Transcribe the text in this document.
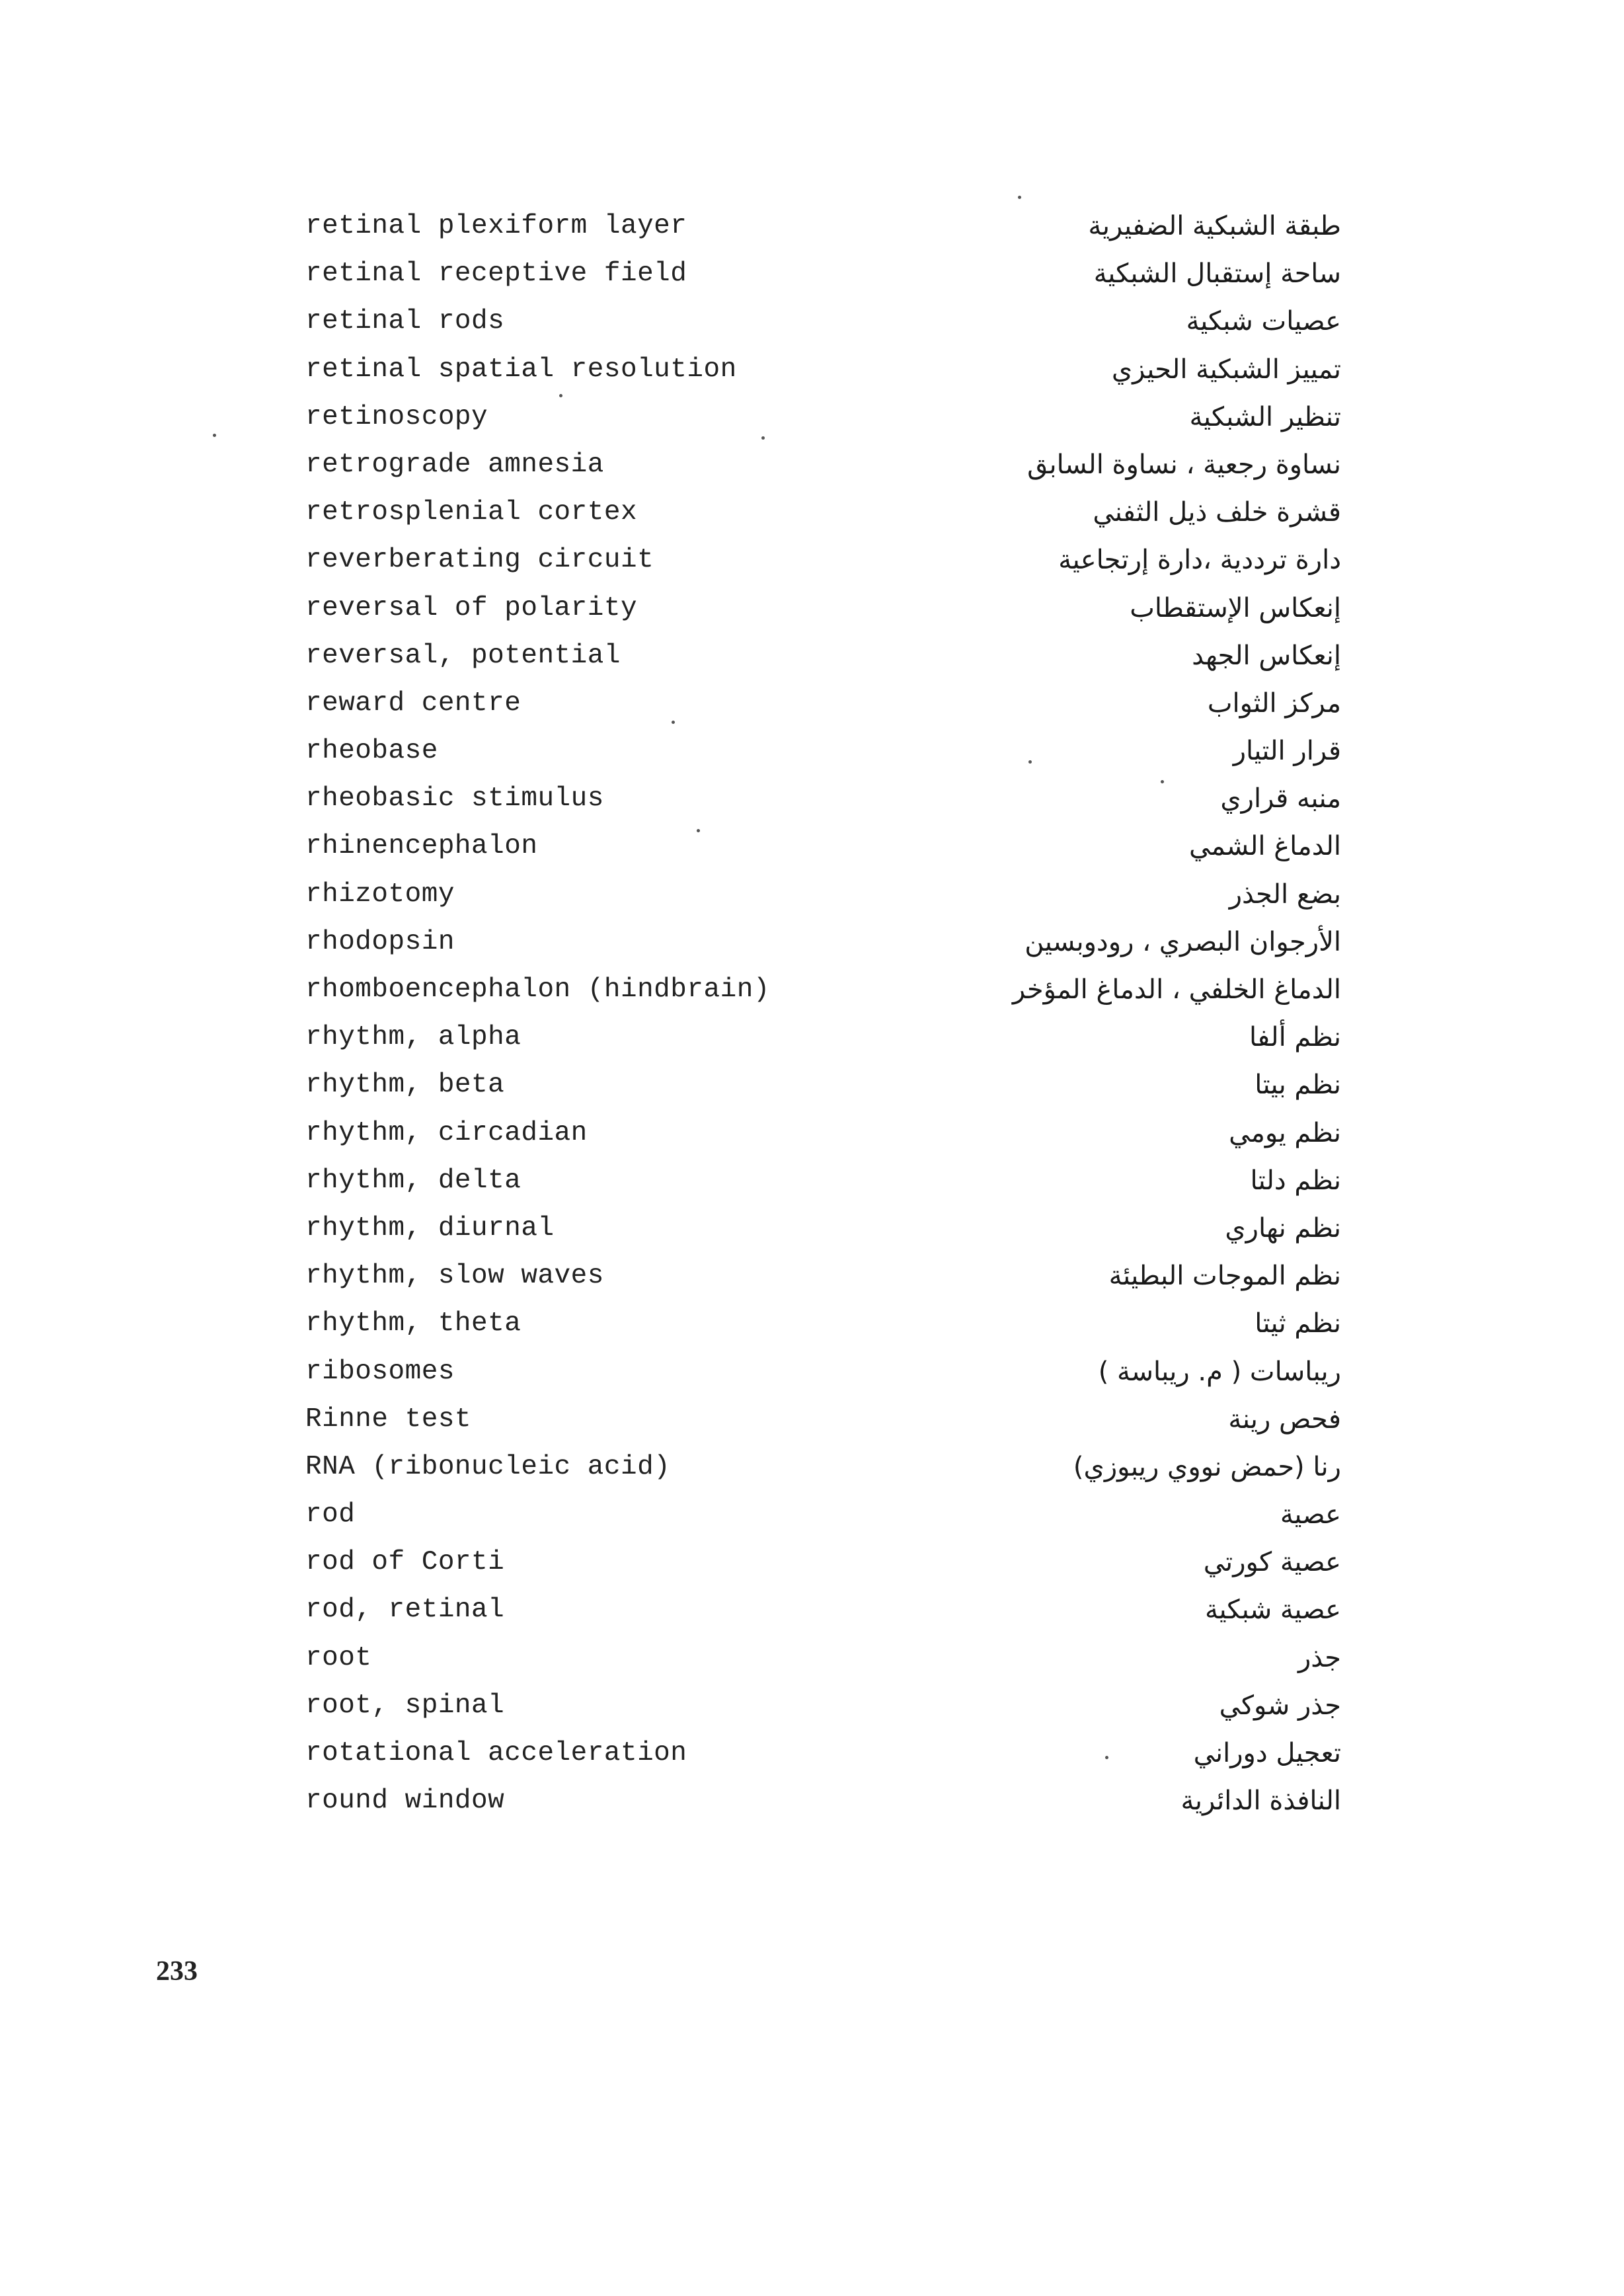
retinal plexiform layer	طبقة الشبكية الضفيرية
retinal receptive field	ساحة إستقبال الشبكية
retinal rods	عصيات شبكية
retinal spatial resolution	تمييز الشبكية الحيزي
retinoscopy	تنظير الشبكية
retrograde amnesia	نساوة رجعية ، نساوة السابق
retrosplenial cortex	قشرة خلف ذيل الثفني
reverberating circuit	دارة ترددية ،دارة إرتجاعية
reversal of polarity	إنعكاس الإستقطاب
reversal, potential	إنعكاس الجهد
reward centre	مركز الثواب
rheobase	قرار التيار
rheobasic stimulus	منبه قراري
rhinencephalon	الدماغ الشمي
rhizotomy	بضع الجذر
rhodopsin	الأرجوان البصري ، رودوبسين
rhomboencephalon (hindbrain)	الدماغ الخلفي ، الدماغ المؤخر
rhythm, alpha	نظم ألفا
rhythm, beta	نظم بيتا
rhythm, circadian	نظم يومي
rhythm, delta	نظم دلتا
rhythm, diurnal	نظم نهاري
rhythm, slow waves	نظم الموجات البطيئة
rhythm, theta	نظم ثيتا
ribosomes	ريباسات ( م. ريباسة )
Rinne test	فحص رينة
RNA (ribonucleic acid)	رنا (حمض نووي ريبوزي)
rod	عصية
rod of Corti	عصية كورتي
rod, retinal	عصية شبكية
root	جذر
root, spinal	جذر شوكي
rotational acceleration	تعجيل دوراني
round window	النافذة الدائرية
233
